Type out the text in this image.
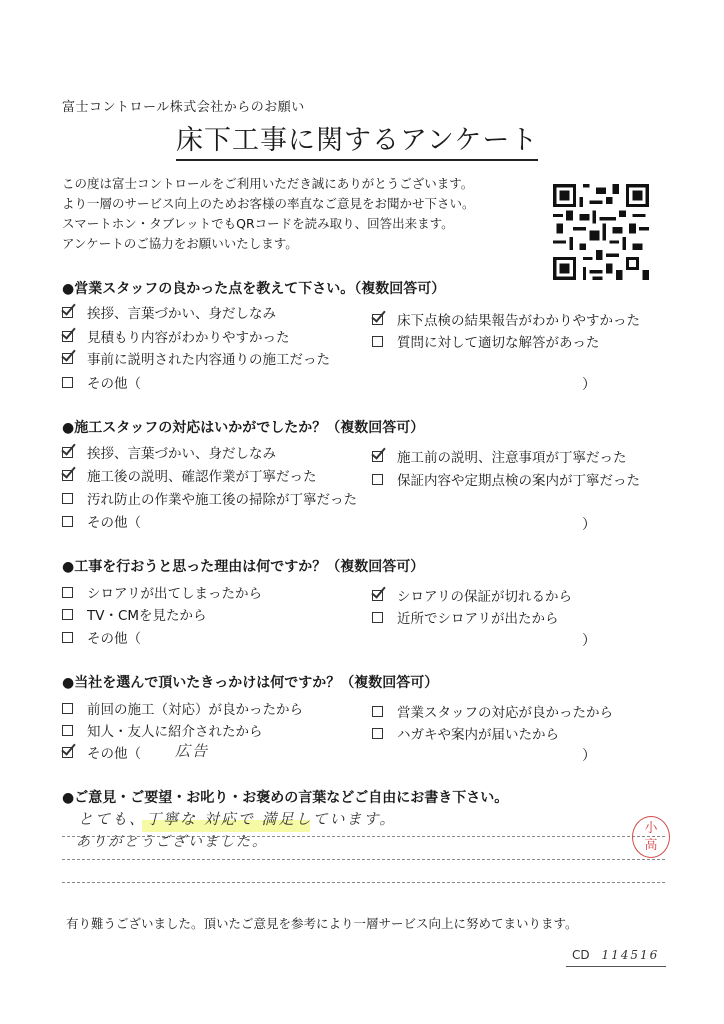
富士コントロール株式会社からのお願い
床下工事に関するアンケート
この度は富士コントロールをご利用いただき誠にありがとうございます。
より一層のサービス向上のためお客様の率直なご意見をお聞かせ下さい。
スマートホン・タブレットでもQRコードを読み取り、回答出来ます。
アンケートのご協力をお願いいたします。
●営業スタッフの良かった点を教えて下さい。（複数回答可）
挨拶、言葉づかい、身だしなみ
見積もり内容がわかりやすかった
事前に説明された内容通りの施工だった
その他（	）
床下点検の結果報告がわかりやすかった
質問に対して適切な解答があった
●施工スタッフの対応はいかがでしたか？（複数回答可）
挨拶、言葉づかい、身だしなみ
施工後の説明、確認作業が丁寧だった
汚れ防止の作業や施工後の掃除が丁寧だった
その他（	）
施工前の説明、注意事項が丁寧だった
保証内容や定期点検の案内が丁寧だった
●工事を行おうと思った理由は何ですか？（複数回答可）
シロアリが出てしまったから
TV・CMを見たから
その他（	）
シロアリの保証が切れるから
近所でシロアリが出たから
●当社を選んで頂いたきっかけは何ですか？（複数回答可）
前回の施工（対応）が良かったから
知人・友人に紹介されたから
その他（ 広告	）
営業スタッフの対応が良かったから
ハガキや案内が届いたから
●ご意見・ご要望・お叱り・お褒めの言葉などご自由にお書き下さい。
とても、丁寧な 対応で 満足しています。
ありがとうございました。
小
高
有り難うございました。頂いたご意見を参考により一層サービス向上に努めてまいります。
CD 114516
